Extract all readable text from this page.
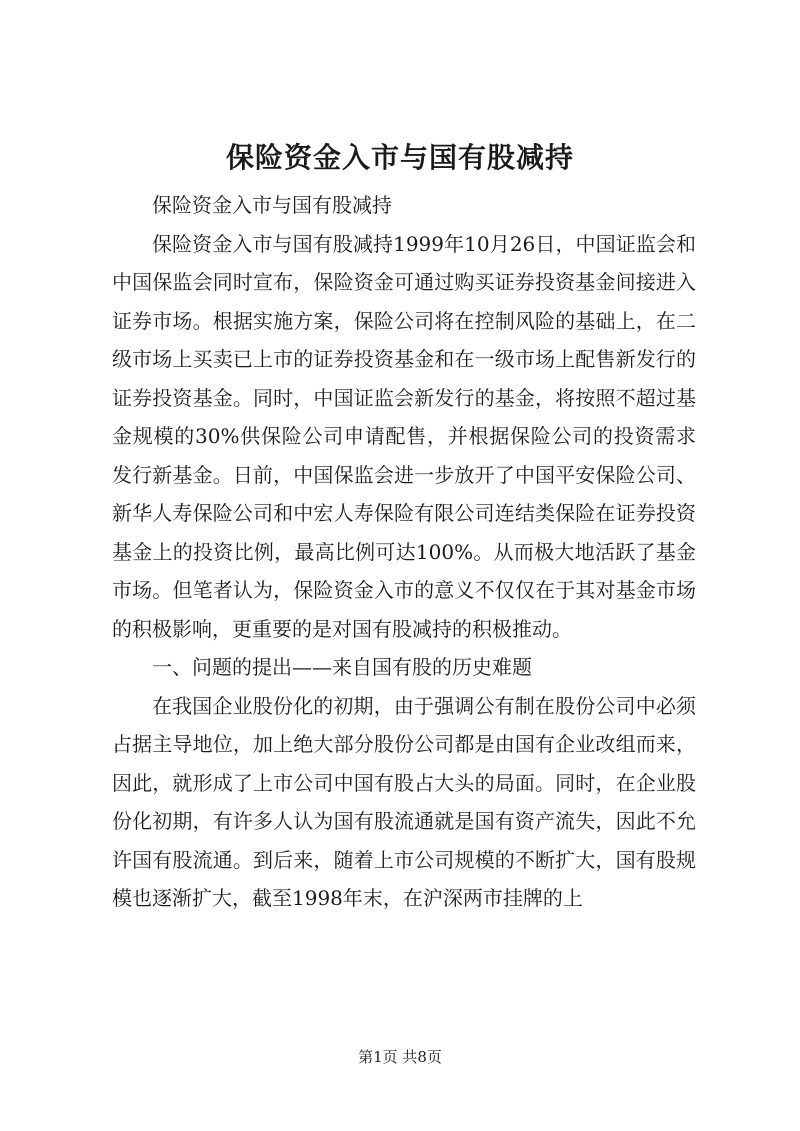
保险资金入市与国有股减持

保险资金入市与国有股减持

保险资金入市与国有股减持1999年10月26日，中国证监会和中国保监会同时宣布，保险资金可通过购买证券投资基金间接进入证券市场。根据实施方案，保险公司将在控制风险的基础上，在二级市场上买卖已上市的证券投资基金和在一级市场上配售新发行的证券投资基金。同时，中国证监会新发行的基金，将按照不超过基金规模的30%供保险公司申请配售，并根据保险公司的投资需求发行新基金。日前，中国保监会进一步放开了中国平安保险公司、新华人寿保险公司和中宏人寿保险有限公司连结类保险在证券投资基金上的投资比例，最高比例可达100%。从而极大地活跃了基金市场。但笔者认为，保险资金入市的意义不仅仅在于其对基金市场的积极影响，更重要的是对国有股减持的积极推动。

一、问题的提出——来自国有股的历史难题

在我国企业股份化的初期，由于强调公有制在股份公司中必须占据主导地位，加上绝大部分股份公司都是由国有企业改组而来，因此，就形成了上市公司中国有股占大头的局面。同时，在企业股份化初期，有许多人认为国有股流通就是国有资产流失，因此不允许国有股流通。到后来，随着上市公司规模的不断扩大，国有股规模也逐渐扩大，截至1998年末，在沪深两市挂牌的上

第1页 共8页
